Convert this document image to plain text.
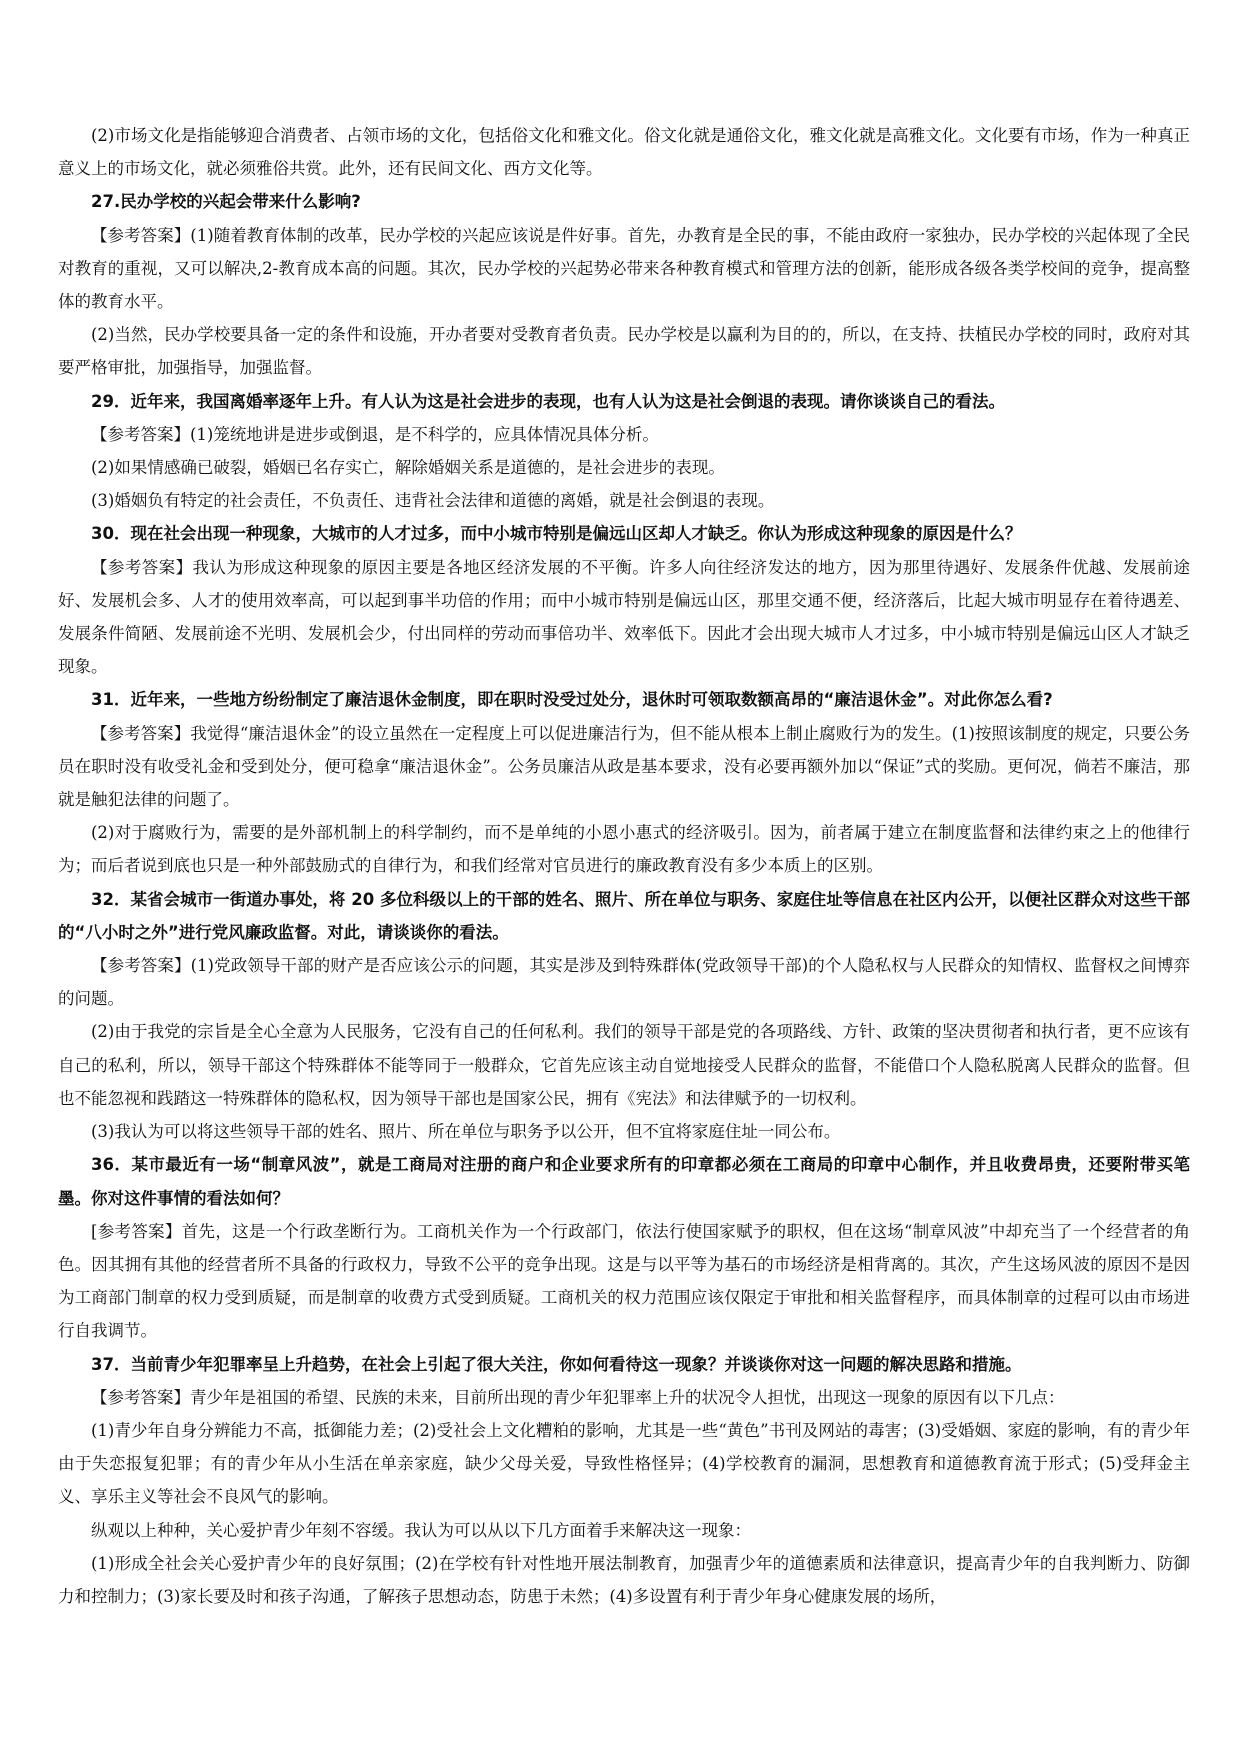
(2)市场文化是指能够迎合消费者、占领市场的文化，包括俗文化和雅文化。俗文化就是通俗文化，雅文化就是高雅文化。文化要有市场，作为一种真正意义上的市场文化，就必须雅俗共赏。此外，还有民间文化、西方文化等。

27.民办学校的兴起会带来什么影响?

【参考答案】(1)随着教育体制的改革，民办学校的兴起应该说是件好事。首先，办教育是全民的事，不能由政府一家独办，民办学校的兴起体现了全民对教育的重视，又可以解决,2-教育成本高的问题。其次，民办学校的兴起势必带来各种教育模式和管理方法的创新，能形成各级各类学校间的竞争，提高整体的教育水平。

(2)当然，民办学校要具备一定的条件和设施，开办者要对受教育者负责。民办学校是以赢利为目的的，所以，在支持、扶植民办学校的同时，政府对其要严格审批，加强指导，加强监督。

29．近年来，我国离婚率逐年上升。有人认为这是社会进步的表现，也有人认为这是社会倒退的表现。请你谈谈自己的看法。

【参考答案】(1)笼统地讲是进步或倒退，是不科学的，应具体情况具体分析。

(2)如果情感确已破裂，婚姻已名存实亡，解除婚姻关系是道德的，是社会进步的表现。

(3)婚姻负有特定的社会责任，不负责任、违背社会法律和道德的离婚，就是社会倒退的表现。

30．现在社会出现一种现象，大城市的人才过多，而中小城市特别是偏远山区却人才缺乏。你认为形成这种现象的原因是什么？

【参考答案】我认为形成这种现象的原因主要是各地区经济发展的不平衡。许多人向往经济发达的地方，因为那里待遇好、发展条件优越、发展前途好、发展机会多、人才的使用效率高，可以起到事半功倍的作用；而中小城市特别是偏远山区，那里交通不便，经济落后，比起大城市明显存在着待遇差、发展条件简陋、发展前途不光明、发展机会少，付出同样的劳动而事倍功半、效率低下。因此才会出现大城市人才过多，中小城市特别是偏远山区人才缺乏现象。

31．近年来，一些地方纷纷制定了廉洁退休金制度，即在职时没受过处分，退休时可领取数额高昂的“廉洁退休金”。对此你怎么看?

【参考答案】我觉得“廉洁退休金”的设立虽然在一定程度上可以促进廉洁行为，但不能从根本上制止腐败行为的发生。(1)按照该制度的规定，只要公务员在职时没有收受礼金和受到处分，便可稳拿“廉洁退休金”。公务员廉洁从政是基本要求，没有必要再额外加以“保证”式的奖励。更何况，倘若不廉洁，那就是触犯法律的问题了。

(2)对于腐败行为，需要的是外部机制上的科学制约，而不是单纯的小恩小惠式的经济吸引。因为，前者属于建立在制度监督和法律约束之上的他律行为；而后者说到底也只是一种外部鼓励式的自律行为，和我们经常对官员进行的廉政教育没有多少本质上的区别。

32．某省会城市一街道办事处，将 20 多位科级以上的干部的姓名、照片、所在单位与职务、家庭住址等信息在社区内公开，以便社区群众对这些干部的“八小时之外”进行党风廉政监督。对此，请谈谈你的看法。

【参考答案】(1)党政领导干部的财产是否应该公示的问题，其实是涉及到特殊群体(党政领导干部)的个人隐私权与人民群众的知情权、监督权之间博弈的问题。

(2)由于我党的宗旨是全心全意为人民服务，它没有自己的任何私利。我们的领导干部是党的各项路线、方针、政策的坚决贯彻者和执行者，更不应该有自己的私利，所以，领导干部这个特殊群体不能等同于一般群众，它首先应该主动自觉地接受人民群众的监督，不能借口个人隐私脱离人民群众的监督。但也不能忽视和践踏这一特殊群体的隐私权，因为领导干部也是国家公民，拥有《宪法》和法律赋予的一切权利。

(3)我认为可以将这些领导干部的姓名、照片、所在单位与职务予以公开，但不宜将家庭住址一同公布。

36．某市最近有一场“制章风波”，就是工商局对注册的商户和企业要求所有的印章都必须在工商局的印章中心制作，并且收费昂贵，还要附带买笔墨。你对这件事情的看法如何？

[参考答案】首先，这是一个行政垄断行为。工商机关作为一个行政部门，依法行使国家赋予的职权，但在这场“制章风波”中却充当了一个经营者的角色。因其拥有其他的经营者所不具备的行政权力，导致不公平的竞争出现。这是与以平等为基石的市场经济是相背离的。其次，产生这场风波的原因不是因为工商部门制章的权力受到质疑，而是制章的收费方式受到质疑。工商机关的权力范围应该仅限定于审批和相关监督程序，而具体制章的过程可以由市场进行自我调节。

37．当前青少年犯罪率呈上升趋势，在社会上引起了很大关注，你如何看待这一现象？并谈谈你对这一问题的解决思路和措施。

【参考答案】青少年是祖国的希望、民族的未来，目前所出现的青少年犯罪率上升的状况令人担忧，出现这一现象的原因有以下几点：

(1)青少年自身分辨能力不高，抵御能力差；(2)受社会上文化糟粕的影响，尤其是一些“黄色”书刊及网站的毒害；(3)受婚姻、家庭的影响，有的青少年由于失恋报复犯罪；有的青少年从小生活在单亲家庭，缺少父母关爱，导致性格怪异；(4)学校教育的漏洞，思想教育和道德教育流于形式；(5)受拜金主义、享乐主义等社会不良风气的影响。

纵观以上种种，关心爱护青少年刻不容缓。我认为可以从以下几方面着手来解决这一现象：

(1)形成全社会关心爱护青少年的良好氛围；(2)在学校有针对性地开展法制教育，加强青少年的道德素质和法律意识，提高青少年的自我判断力、防御力和控制力；(3)家长要及时和孩子沟通，了解孩子思想动态，防患于未然；(4)多设置有利于青少年身心健康发展的场所，
